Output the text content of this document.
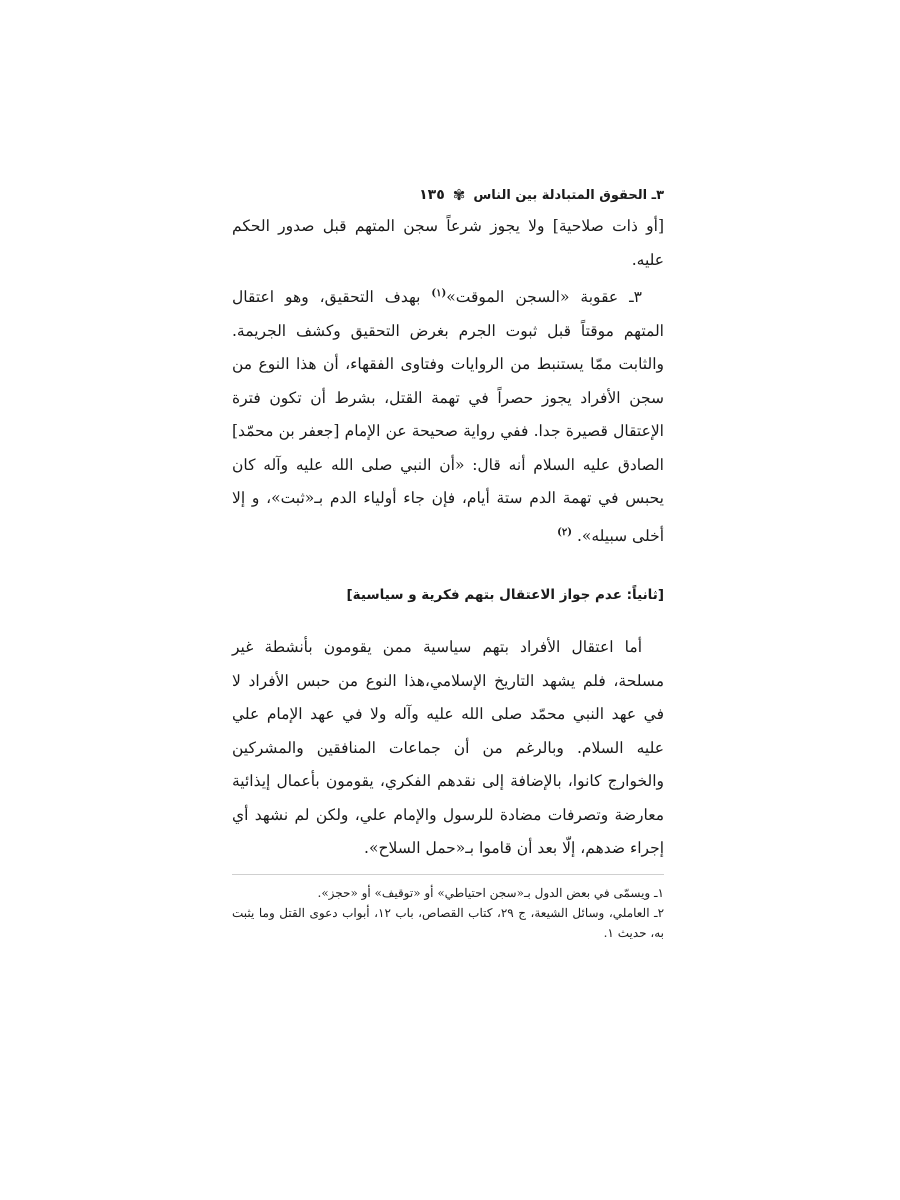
٣ـ الحقوق المتبادلة بين الناس
✾
١٣٥

[أو ذات صلاحية] ولا يجوز شرعاً سجن المتهم قبل صدور الحكم عليه.

٣ـ عقوبة «السجن الموقت»$^{(١)}$ بهدف التحقيق، وهو اعتقال المتهم موقتاً قبل ثبوت الجرم بغرض التحقيق وكشف الجريمة. والثابت ممّا يستنبط من الروايات وفتاوى الفقهاء، أن هذا النوع من سجن الأفراد يجوز حصراً في تهمة القتل، بشرط أن تكون فترة الإعتقال قصيرة جدا. ففي رواية صحيحة عن الإمام [جعفر بن محمّد] الصادق عليه السلام أنه قال: «أن النبي صلى الله عليه وآله كان يحبس في تهمة الدم ستة أيام، فإن جاء أولياء الدم بـ«ثبت»، و إلا أخلى سبيله». $^{(٢)}$

[ثانياً: عدم جواز الاعتقال بتهم فكرية و سياسية]

أما اعتقال الأفراد بتهم سياسية ممن يقومون بأنشطة غير مسلحة، فلم يشهد التاريخ الإسلامي،هذا النوع من حبس الأفراد لا في عهد النبي محمّد صلى الله عليه وآله ولا في عهد الإمام علي عليه السلام. وبالرغم من أن جماعات المنافقين والمشركين والخوارج كانوا، بالإضافة إلى نقدهم الفكري، يقومون بأعمال إيذائية معارضة وتصرفات مضادة للرسول والإمام علي، ولكن لم نشهد أي إجراء ضدهم، إلّا بعد أن قاموا بـ«حمل السلاح».

١ـ ويسمّى في بعض الدول بـ«سجن احتياطي» أو «توقيف» أو «حجز».

٢ـ العاملي، وسائل الشيعة، ج ٢٩، كتاب القصاص، باب ١٢، أبواب دعوى القتل وما يثبت به، حديث ١.
